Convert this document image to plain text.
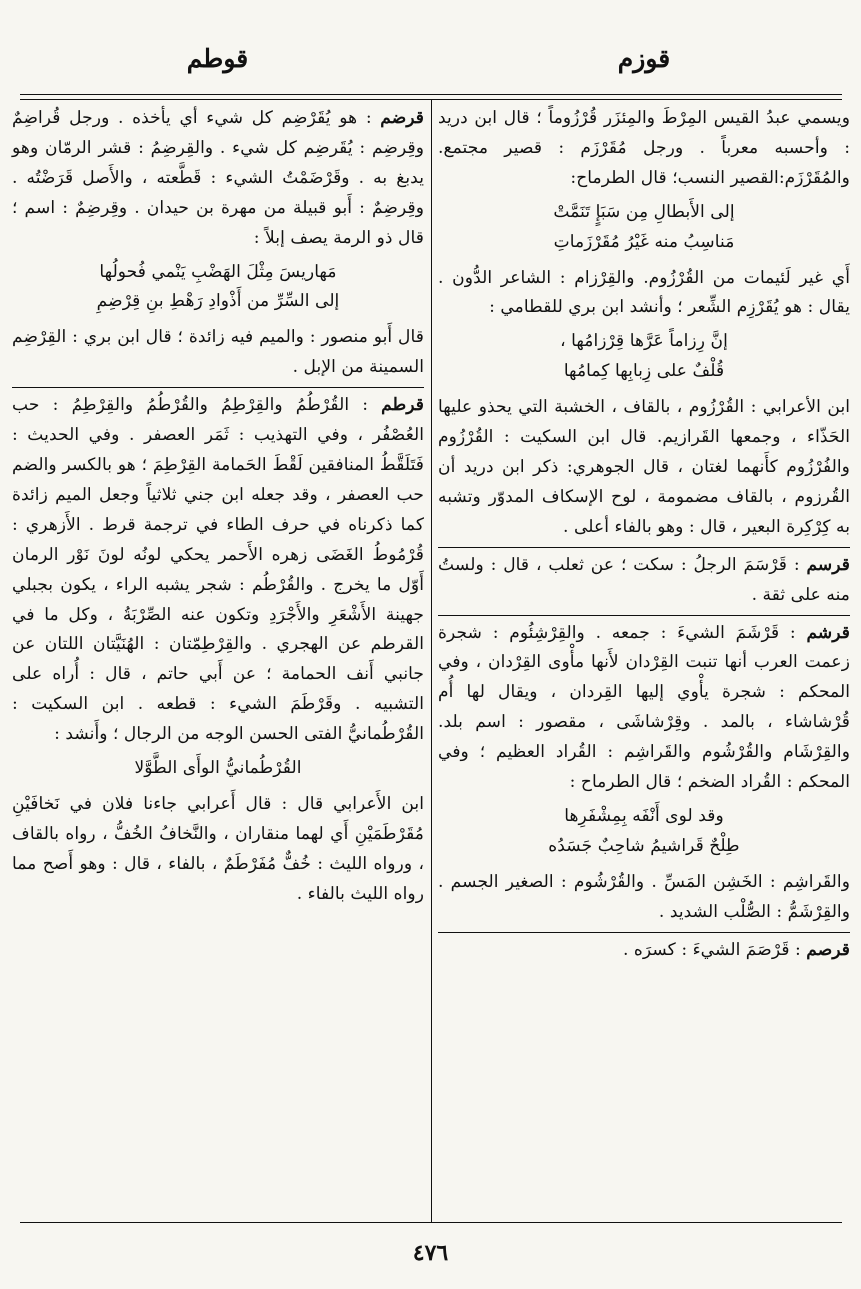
قوزم
قوطم
ويسمي عبدُ القيس المِرْطَ والمِئزَر قُرْزُوماً ؛ قال ابن دريد : وأحسبه معرباً . ورجل مُقَرْزَم : قصير مجتمع. والمُقَرْزَم:القصير النسب؛ قال الطرماح:
إلى الأَبطالِ مِن سَبَإٍ تَنَمَّتْ
مَناسِبُ منه غَيْرُ مُقَرْزَماتِ
أَي غير لَئيمات من القُرْزُوم. والقِرْزام : الشاعر الدُّون . يقال : هو يُقَرْزِم الشِّعر ؛ وأنشد ابن بري للقطامي :
إنَّ رِزاماً عَرَّها قِرْزامُها ،
قُلْفٌ على زِبابِها كِمامُها
ابن الأعرابي : القُرْزُوم ، بالقاف ، الخشبة التي يحذو عليها الحَذّاء ، وجمعها القَرازيم. قال ابن السكيت : القُرْزُوم والفُرْزُوم كأَنهما لغتان ، قال الجوهري: ذكر ابن دريد أن القُرزوم ، بالقاف مضمومة ، لوح الإسكاف المدوّر وتشبه به كِرْكِرة البعير ، قال : وهو بالفاء أعلى .
قرسم : قَرْسَمَ الرجلُ : سكت ؛ عن ثعلب ، قال : ولستُ منه على ثقة .
قرشم : قَرْشَمَ الشيءَ : جمعه . والقِرْشِئُوم : شجرة زعمت العرب أنها تنبت القِرْدان لأَنها مأْوى القِرْدان ، وفي المحكم : شجرة يأْوي إليها القِردان ، ويقال لها أُم قُرْشاشاء ، بالمد . وقِرْشاشَى ، مقصور : اسم بلد. والقِرْشَام والقُرْشُوم والقَراشِم : القُراد العظيم ؛ وفي المحكم : القُراد الضخم ؛ قال الطرماح :
وقد لوى أَنْفَه بِمِشْفَرِها
طِلْحٌ قَراشيمُ شاحِبٌ جَسَدُه
والقَراشِم : الخَشِن المَسِّ . والقُرْشُوم : الصغير الجسم . والقِرْشَمُّ : الصُّلْب الشديد .
قرصم : قَرْصَمَ الشيءَ : كسرَه .
قرضم : هو يُقَرْضِم كل شيء أي يأخذه . ورجل قُراضِمٌ وقِرضِم : يُقَرضِم كل شيء . والقِرضِمُ : قشر الرمّان وهو يدبغ به . وقَرْضَمْتُ الشيء : قَطَّعته ، والأَصل قَرَضْتُه . وقِرضِمٌ : أَبو قبيلة من مهرة بن حيدان . وقِرضِمٌ : اسم ؛ قال ذو الرمة يصف إبلاً :
مَهاريسَ مِثْلَ الهَضْبِ يَنْمي فُحولُها
إلى السِّرِّ من أَذْوادِ رَهْطِ بنِ قِرْضِمِ
قال أَبو منصور : والميم فيه زائدة ؛ قال ابن بري : القِرْضِم السمينة من الإبل .
قرطم : القُرْطُمُ والقِرْطِمُ والقُرْطُمُ والقِرْطِمُ : حب العُصْفُر ، وفي التهذيب : ثَمَر العصفر . وفي الحديث : فَتَلَقَّطُ المنافقين لَقْطَ الحَمامة القِرْطِمَ ؛ هو بالكسر والضم حب العصفر ، وقد جعله ابن جني ثلاثياً وجعل الميم زائدة كما ذكرناه في حرف الطاء في ترجمة قرط . الأَزهري : قُرْمُوطُ الغَضَى زهره الأَحمر يحكي لونُه لونَ نَوْر الرمان أَوّل ما يخرج . والقُرْطُم : شجر يشبه الراء ، يكون بجبلي جهينة الأَشْعَرِ والأَجْرَدِ وتكون عنه الصِّرْبَةُ ، وكل ما في القرطم عن الهجري . والقِرْطِمّتان : الهُنَيَّتان اللتان عن جانبي أَنف الحمامة ؛ عن أَبي حاتم ، قال : أُراه على التشبيه . وقَرْطَمَ الشيء : قطعه . ابن السكيت : القُرْطُمانيُّ الفتى الحسن الوجه من الرجال ؛ وأَنشد :
القُرْطُمانيُّ الوأَى الطَّوَّلا
ابن الأَعرابي قال : قال أَعرابي جاءنا فلان في نَخافَيْنِ مُقَرْطَمَيْنِ أَي لهما منقاران ، والنَّخافُ الخُفُّ ، رواه بالقاف ، ورواه الليث : خُفٌّ مُفَرْطَمٌ ، بالفاء ، قال : وهو أَصح مما رواه الليث بالفاء .
٤٧٦
